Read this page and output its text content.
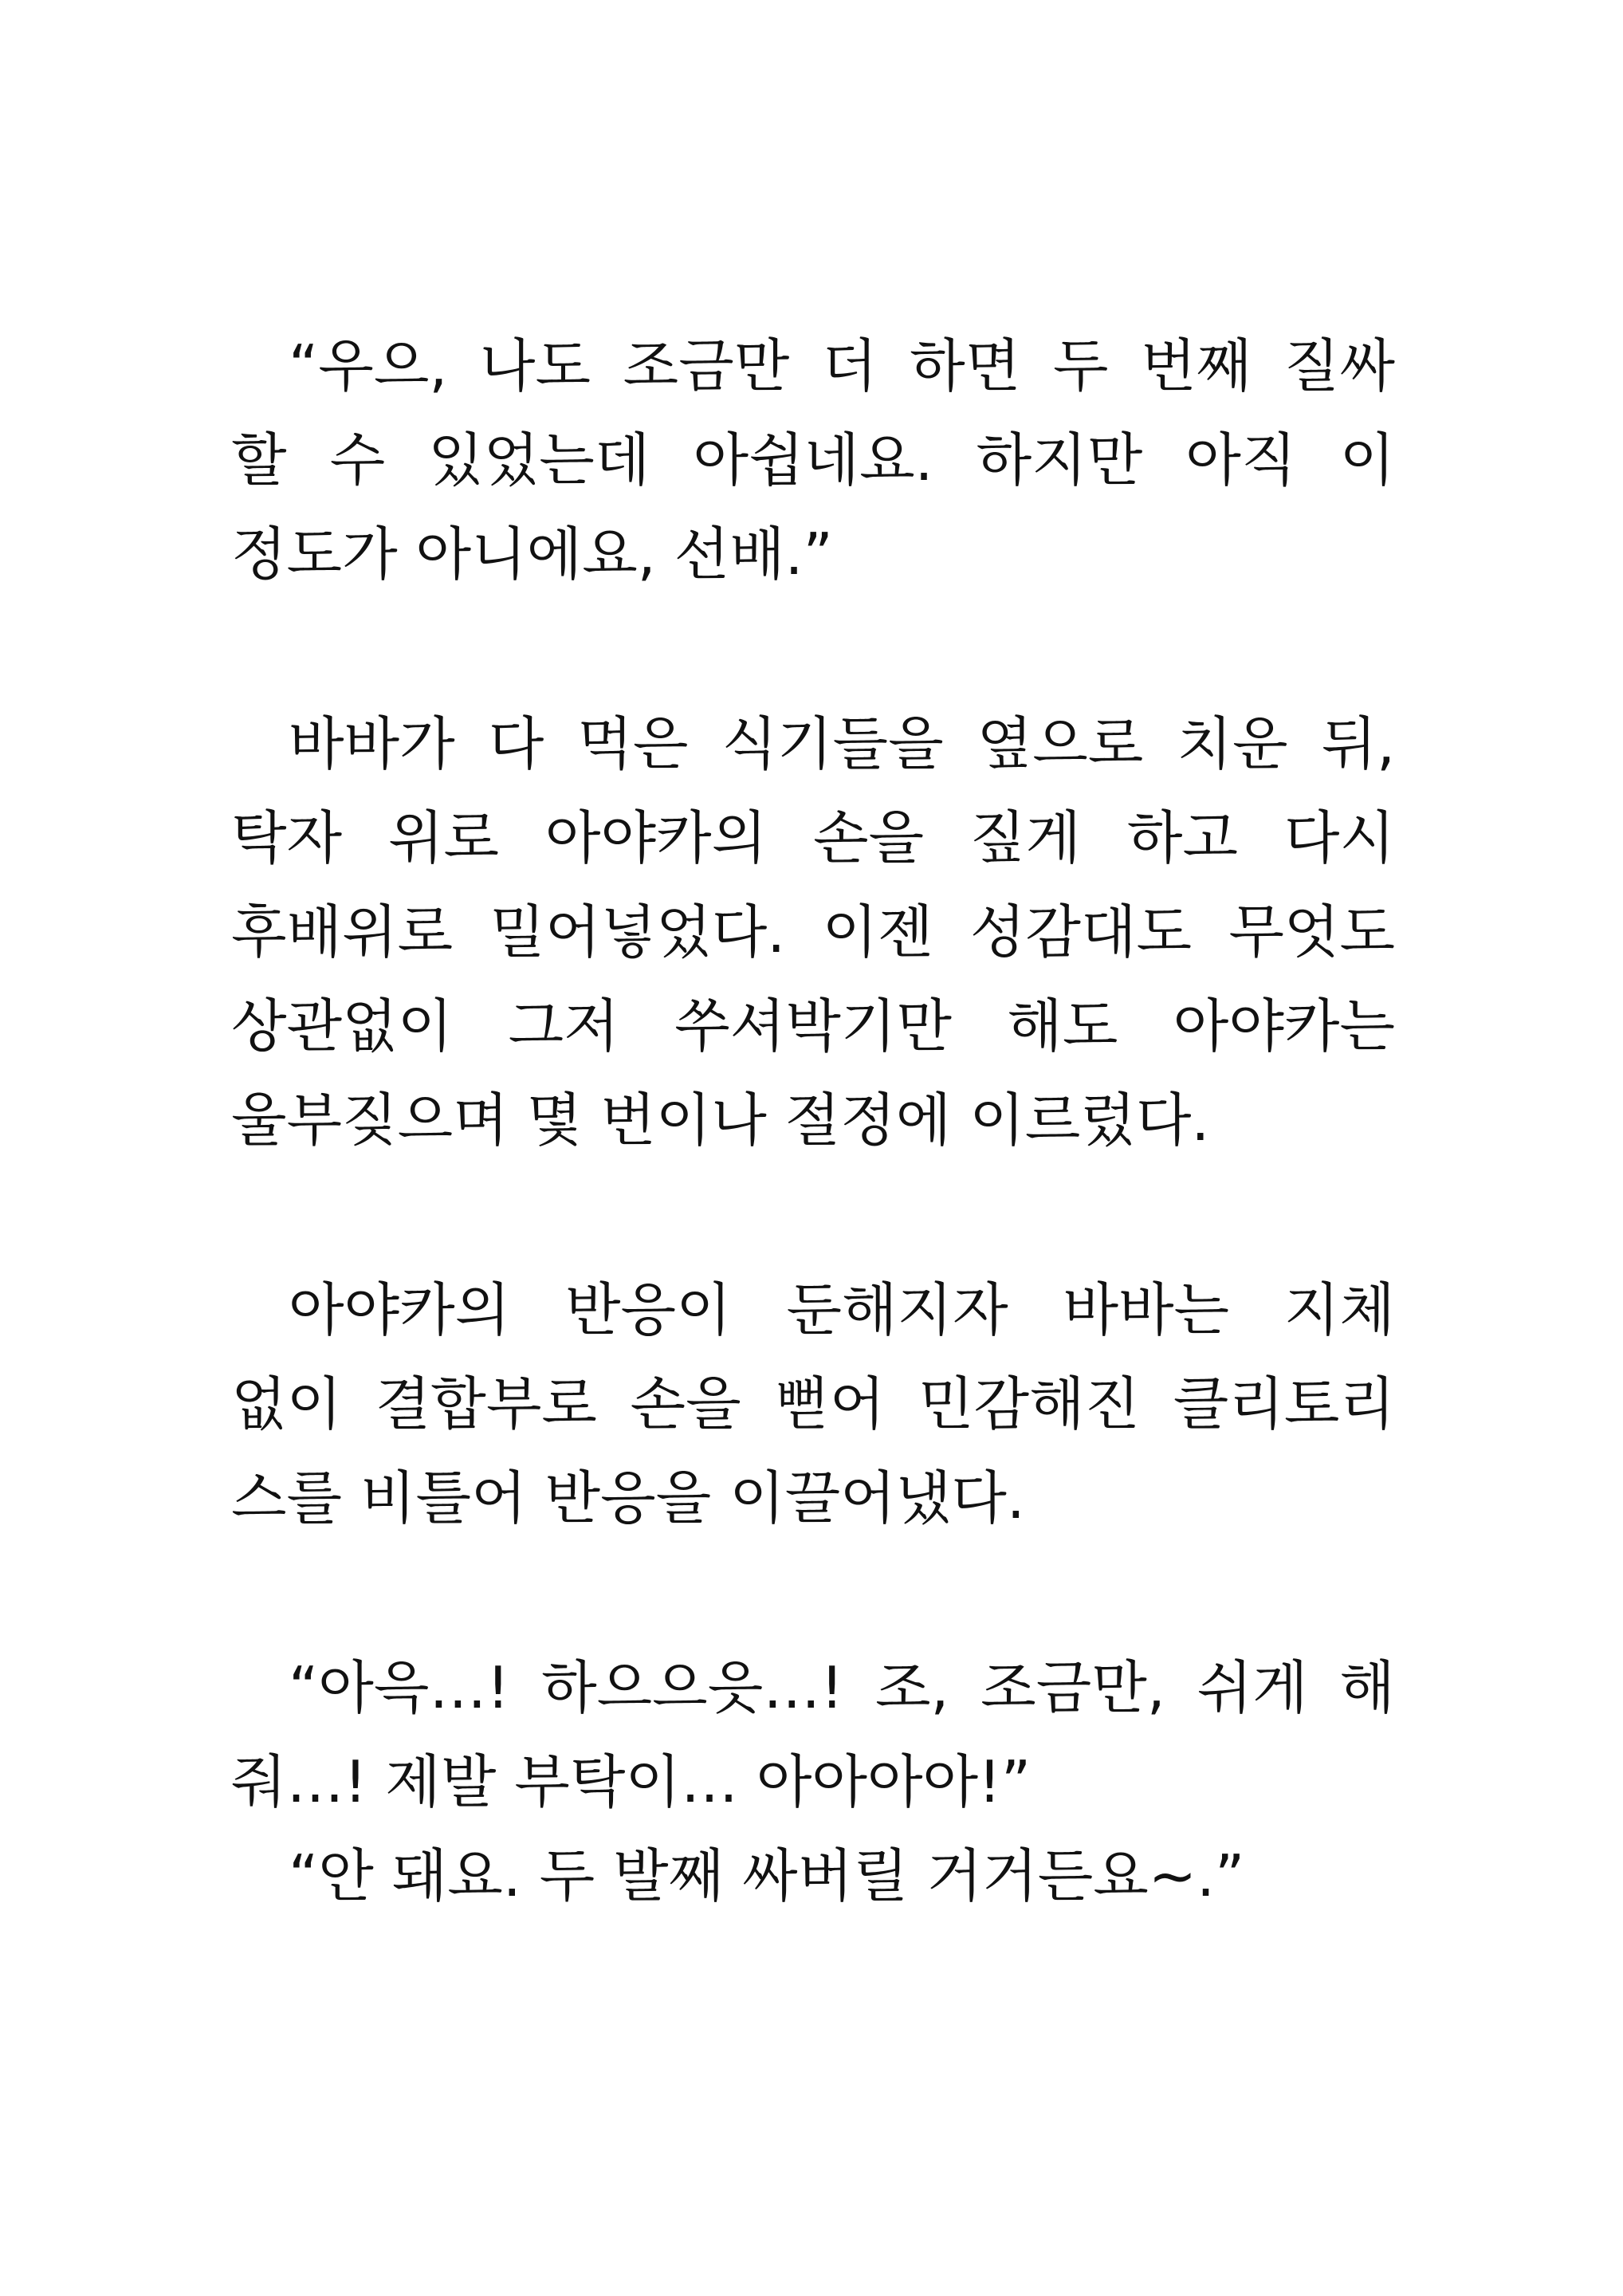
“우으, 나도 조금만 더 하면 두 번째 질싸
할 수 있었는데 아쉽네요. 하지만 아직 이
정도가 아니에요, 선배.”
바바가 다 먹은 식기들을 옆으로 치운 뒤,
탁자 위로 아야카의 손을 짚게 하고 다시
후배위로 밀어넣었다. 이젠 성감대도 무엇도
상관없이 그저 쑤셔박기만 해도 아야카는
울부짖으며 몇 번이나 절정에 이르렀다.
아야카의 반응이 둔해지자 바바는 지체
없이 결합부로 손을 뻗어 민감해진 클리토리
스를 비틀어 반응을 이끌어냈다.
“아윽…! 하으으읏…! 조, 조금만, 쉬게 해
줘…! 제발 부탁이… 아아아아!”
“안 돼요. 두 발째 싸버릴 거거든요~.”
